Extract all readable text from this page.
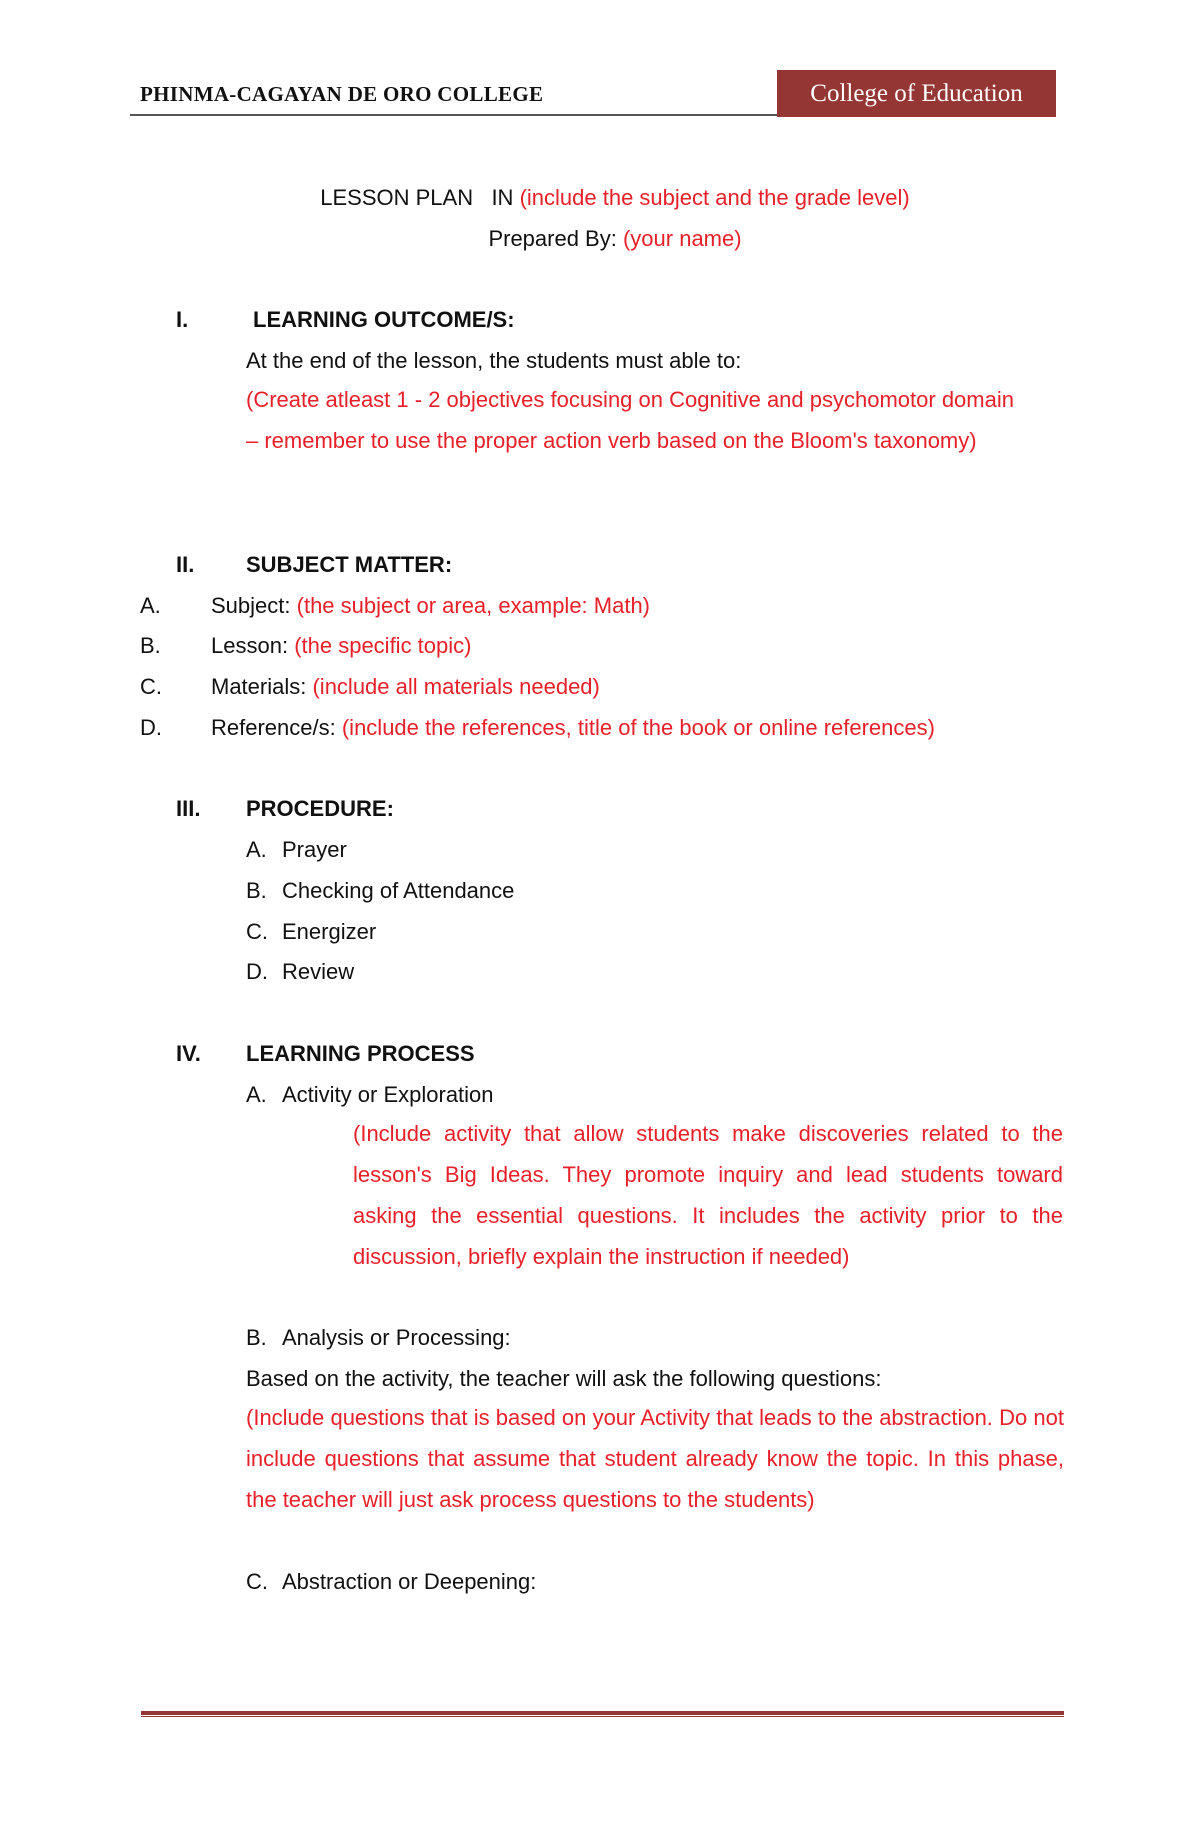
PHINMA-CAGAYAN DE ORO COLLEGE	College of Education
LESSON PLAN   IN (include the subject and the grade level)
Prepared By: (your name)
I.	LEARNING OUTCOME/S:
At the end of the lesson, the students must able to:
(Create atleast 1 - 2 objectives focusing on Cognitive and psychomotor domain – remember to use the proper action verb based on the Bloom's taxonomy)
II. SUBJECT MATTER:
A. Subject: (the subject or area, example: Math)
B. Lesson: (the specific topic)
C. Materials: (include all materials needed)
D. Reference/s: (include the references, title of the book or online references)
III. PROCEDURE:
A. Prayer
B. Checking of Attendance
C. Energizer
D. Review
IV. LEARNING PROCESS
A. Activity or Exploration
(Include activity that allow students make discoveries related to the lesson's Big Ideas. They promote inquiry and lead students toward asking the essential questions. It includes the activity prior to the discussion, briefly explain the instruction if needed)
B. Analysis or Processing:
Based on the activity, the teacher will ask the following questions:
(Include questions that is based on your Activity that leads to the abstraction. Do not include questions that assume that student already know the topic. In this phase, the teacher will just ask process questions to the students)
C. Abstraction or Deepening:
